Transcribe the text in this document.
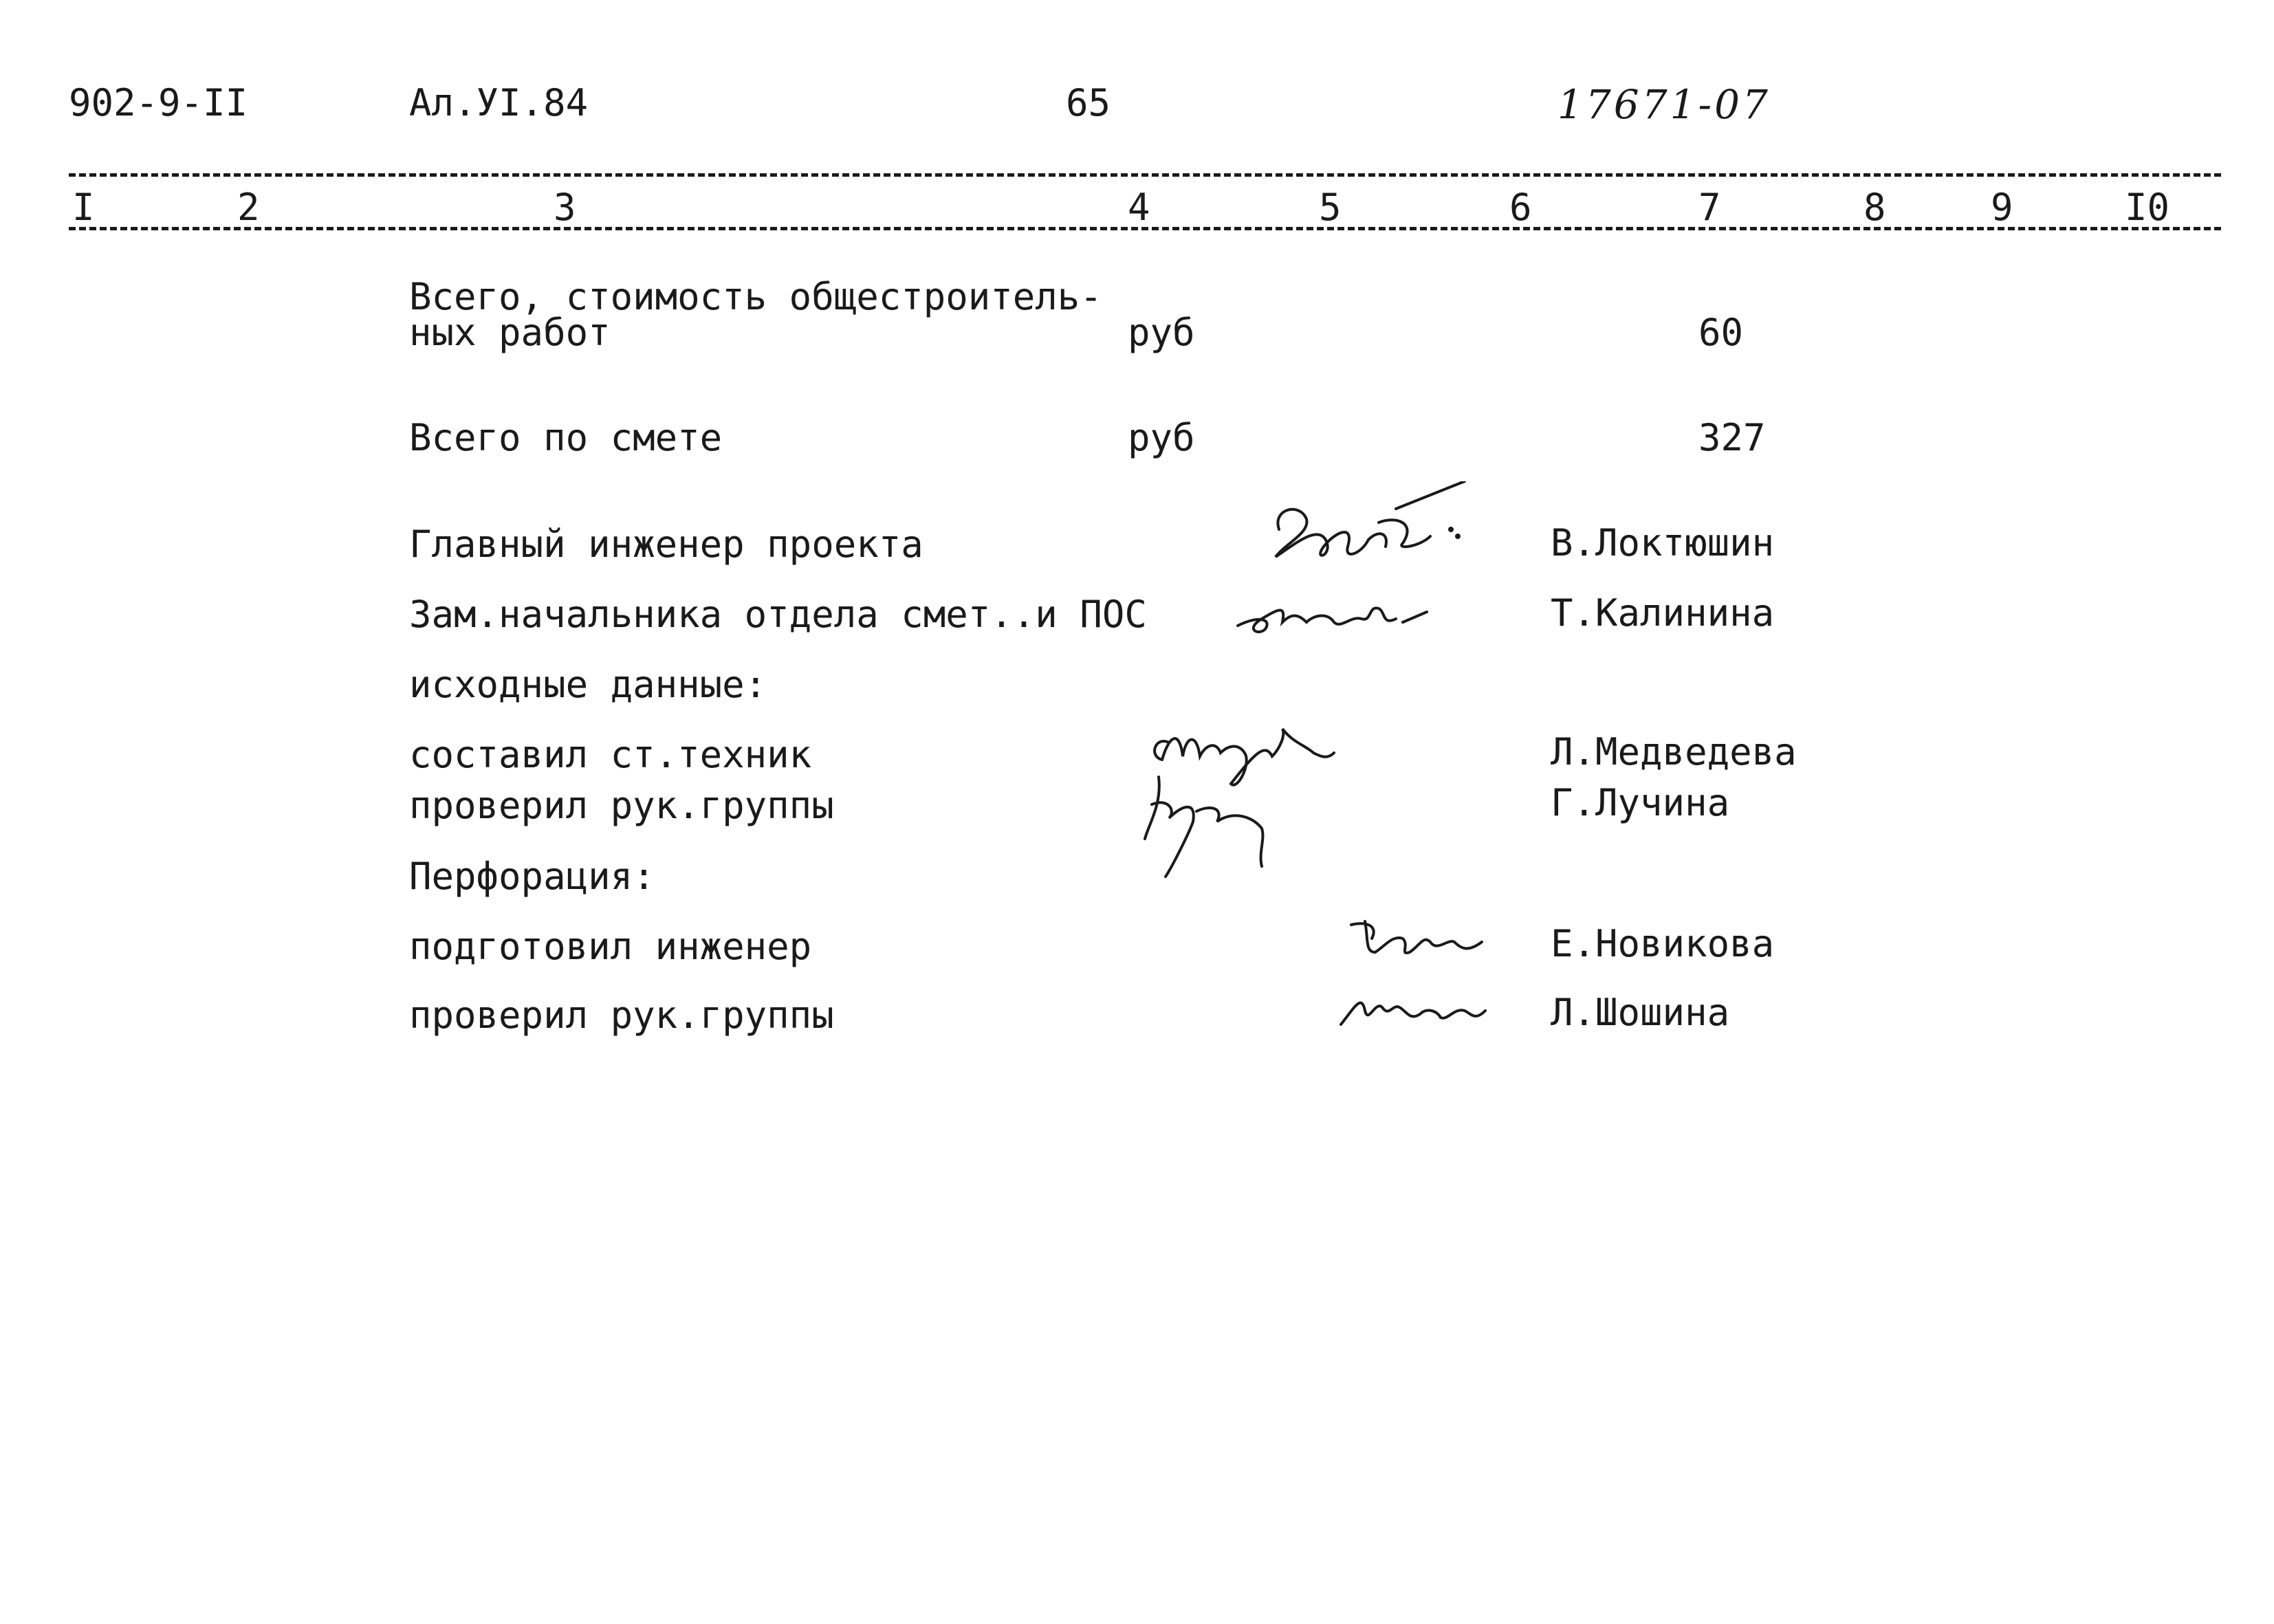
902-9-II	Ал.УI.84	65	17671-07
I	2	3	4	5	6	7	8	9	I0
Всего, стоимость общестроитель-
ных работ	руб	60
Всего по смете	руб	327
Главный инженер проекта	В.Локтюшин
Зам.начальника отдела смет..и ПОС	Т.Калинина
исходные данные:
составил ст.техник	Л.Медведева
проверил рук.группы	Г.Лучина
Перфорация:
подготовил инженер	Е.Новикова
проверил рук.группы	Л.Шошина
